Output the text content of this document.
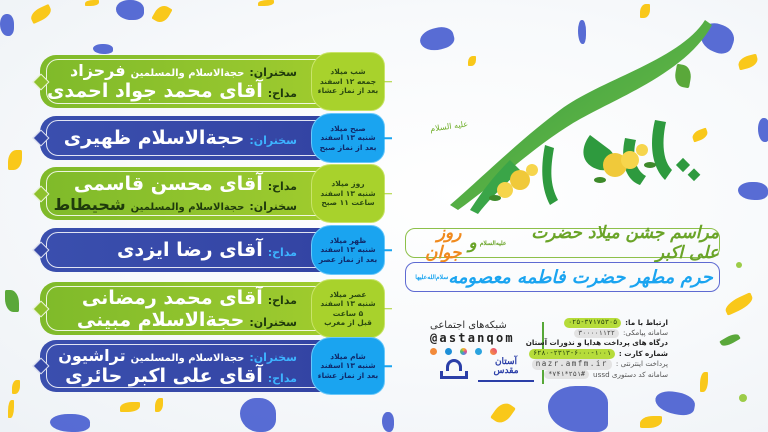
سخنران:
حجة‌الاسلام والمسلمین
فرحزاد
مداح:
آقای محمد جواد احمدی
شب میلاد
جمعه ۱۲ اسفند
بعد از نماز عشاء
سخنران:
حجة‌الاسلام ظهیری	صبح میلاد
شنبه ۱۳ اسفند
بعد از نماز صبح
مداح:
آقای محسن قاسمی
سخنران:
حجة‌الاسلام والمسلمین
شحیطاط
روز میلاد
شنبه ۱۳ اسفند
ساعت ۱۱ صبح
مداح:
آقای رضا ایزدی	ظهر میلاد
شنبه ۱۳ اسفند
بعد از نماز عصر
مداح:
آقای محمد رمضانی
سخنران:
حجة‌الاسلام مبینی
عصر میلاد
شنبه ۱۳ اسفند
۵ ساعت
قبل از مغرب
سخنران:
حجة‌الاسلام والمسلمین
تراشیون
مداح:
آقای علی اکبر حائری
شام میلاد
شنبه ۱۳ اسفند
بعد از نماز عشاء
علیه السلام
مراسم جشن میلاد حضرت علی اکبر
علیه‌السلام
و
روز جوان
حرم مطهر حضرت فاطمه معصومه
سلام‌الله‌علیها
شبکه‌های اجتماعی
@astanqom
آستان
مقدس
ارتباط با ما:
۰۲۵-۳۷۱۷۵۳۰۵
سامانه پیامکی:
۳۰۰۰۰۱۱۲۲
درگاه های پرداخت هدایا و نذورات آستان
شماره کارت :
۶۲۸۰-۲۳۱۳-۶۰۰۰-۱۰۰۱
پرداخت اینترنتی :
nazr.amfm.ir
سامانه کد دستوری ussd
*۷۴۱*۲۵۱#
